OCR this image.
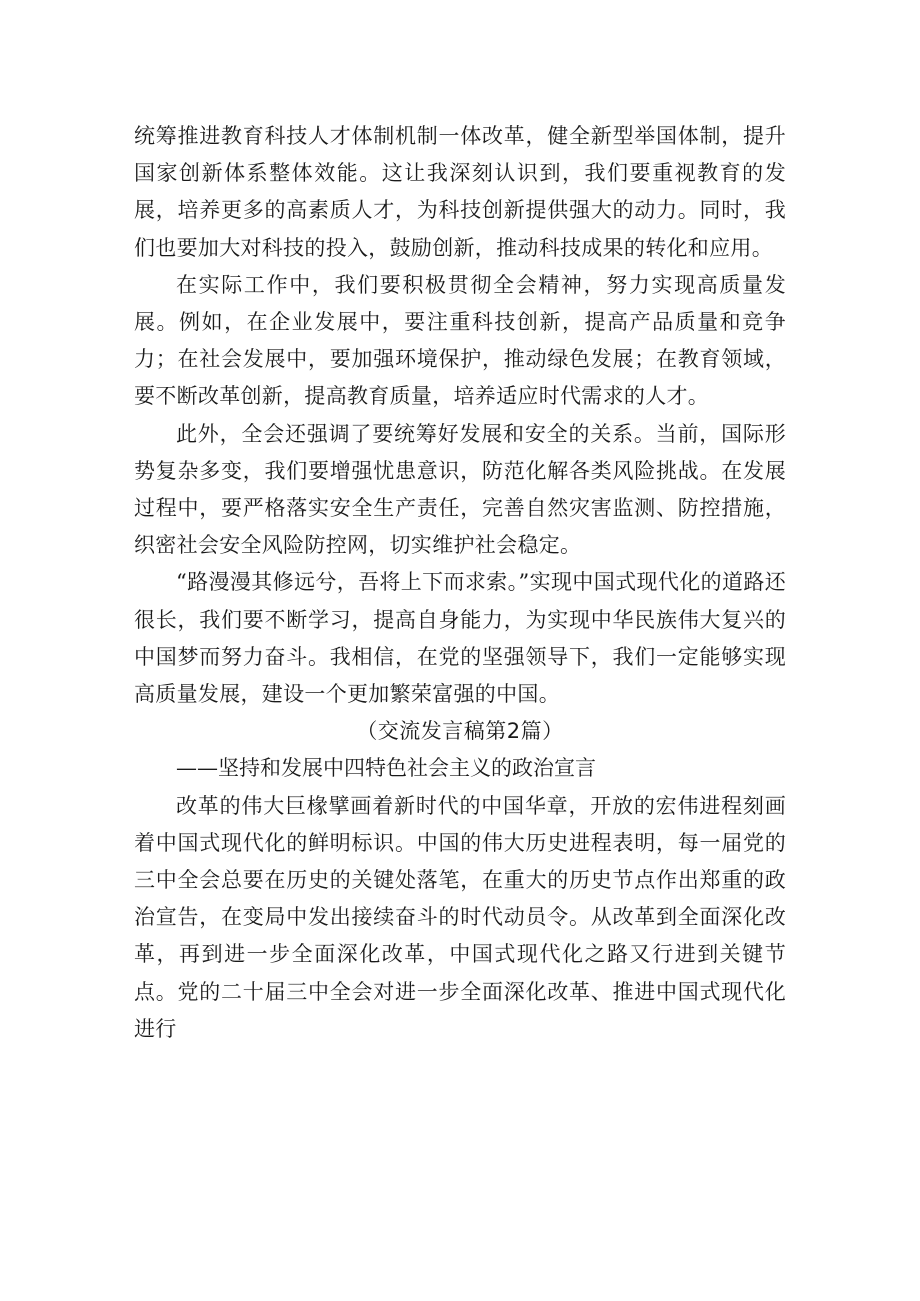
统筹推进教育科技人才体制机制一体改革，健全新型举国体制，提升国家创新体系整体效能。这让我深刻认识到，我们要重视教育的发展，培养更多的高素质人才，为科技创新提供强大的动力。同时，我们也要加大对科技的投入，鼓励创新，推动科技成果的转化和应用。

在实际工作中，我们要积极贯彻全会精神，努力实现高质量发展。例如，在企业发展中，要注重科技创新，提高产品质量和竞争力；在社会发展中，要加强环境保护，推动绿色发展；在教育领域，要不断改革创新，提高教育质量，培养适应时代需求的人才。

此外，全会还强调了要统筹好发展和安全的关系。当前，国际形势复杂多变，我们要增强忧患意识，防范化解各类风险挑战。在发展过程中，要严格落实安全生产责任，完善自然灾害监测、防控措施，织密社会安全风险防控网，切实维护社会稳定。

“路漫漫其修远兮，吾将上下而求索。”实现中国式现代化的道路还很长，我们要不断学习，提高自身能力，为实现中华民族伟大复兴的中国梦而努力奋斗。我相信，在党的坚强领导下，我们一定能够实现高质量发展，建设一个更加繁荣富强的中国。

（交流发言稿第2篇）

——坚持和发展中四特色社会主义的政治宣言

改革的伟大巨椽擘画着新时代的中国华章，开放的宏伟进程刻画着中国式现代化的鲜明标识。中国的伟大历史进程表明，每一届党的三中全会总要在历史的关键处落笔，在重大的历史节点作出郑重的政治宣告，在变局中发出接续奋斗的时代动员令。从改革到全面深化改革，再到进一步全面深化改革，中国式现代化之路又行进到关键节点。党的二十届三中全会对进一步全面深化改革、推进中国式现代化进行
